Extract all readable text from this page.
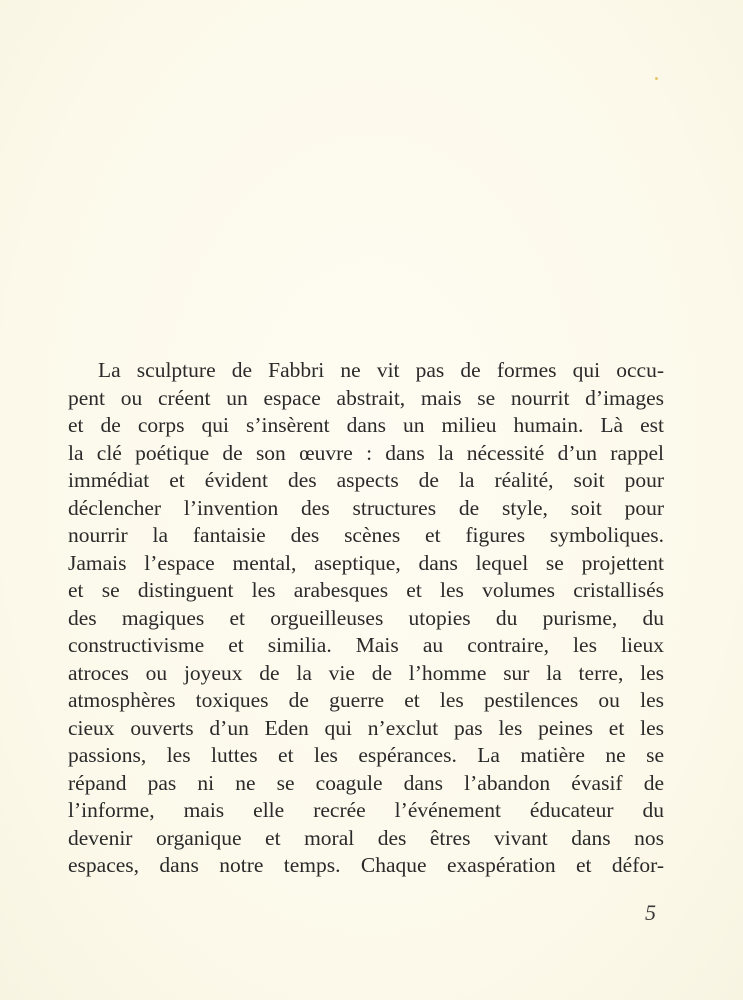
La sculpture de Fabbri ne vit pas de formes qui occu-
pent ou créent un espace abstrait, mais se nourrit d’images
et de corps qui s’insèrent dans un milieu humain. Là est
la clé poétique de son œuvre : dans la nécessité d’un rappel
immédiat et évident des aspects de la réalité, soit pour
déclencher l’invention des structures de style, soit pour
nourrir la fantaisie des scènes et figures symboliques.
Jamais l’espace mental, aseptique, dans lequel se projettent
et se distinguent les arabesques et les volumes cristallisés
des magiques et orgueilleuses utopies du purisme, du
constructivisme et similia. Mais au contraire, les lieux
atroces ou joyeux de la vie de l’homme sur la terre, les
atmosphères toxiques de guerre et les pestilences ou les
cieux ouverts d’un Eden qui n’exclut pas les peines et les
passions, les luttes et les espérances. La matière ne se
répand pas ni ne se coagule dans l’abandon évasif de
l’informe, mais elle recrée l’événement éducateur du
devenir organique et moral des êtres vivant dans nos
espaces, dans notre temps. Chaque exaspération et défor-
5
